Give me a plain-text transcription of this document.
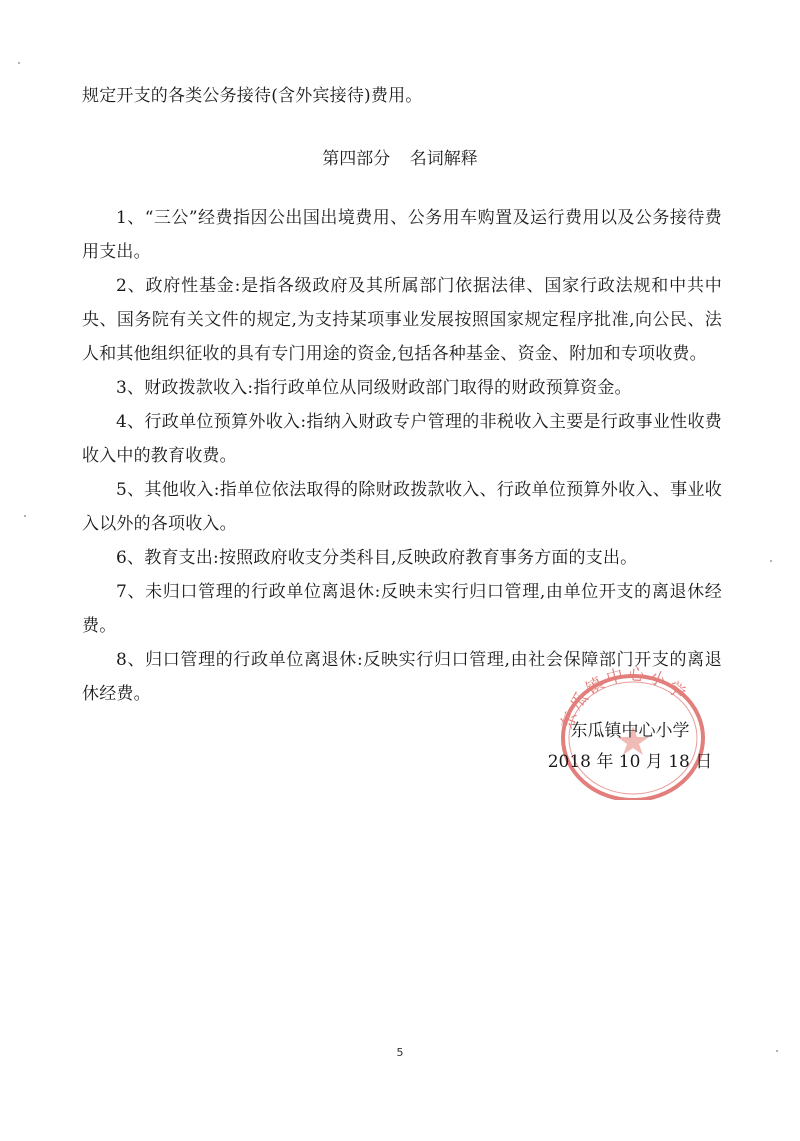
规定开支的各类公务接待(含外宾接待)费用。

第四部分 名词解释
1、“三公”经费指因公出国出境费用、公务用车购置及运行费用以及公务接待费用支出。
2、政府性基金:是指各级政府及其所属部门依据法律、国家行政法规和中共中央、国务院有关文件的规定,为支持某项事业发展按照国家规定程序批准,向公民、法人和其他组织征收的具有专门用途的资金,包括各种基金、资金、附加和专项收费。
3、财政拨款收入:指行政单位从同级财政部门取得的财政预算资金。
4、行政单位预算外收入:指纳入财政专户管理的非税收入主要是行政事业性收费收入中的教育收费。
5、其他收入:指单位依法取得的除财政拨款收入、行政单位预算外收入、事业收入以外的各项收入。
6、教育支出:按照政府收支分类科目,反映政府教育事务方面的支出。
7、未归口管理的行政单位离退休:反映未实行归口管理,由单位开支的离退休经费。
8、归口管理的行政单位离退休:反映实行归口管理,由社会保障部门开支的离退休经费。
东瓜镇中心小学
东瓜镇中心小学
2018 年 10 月 18 日
5
